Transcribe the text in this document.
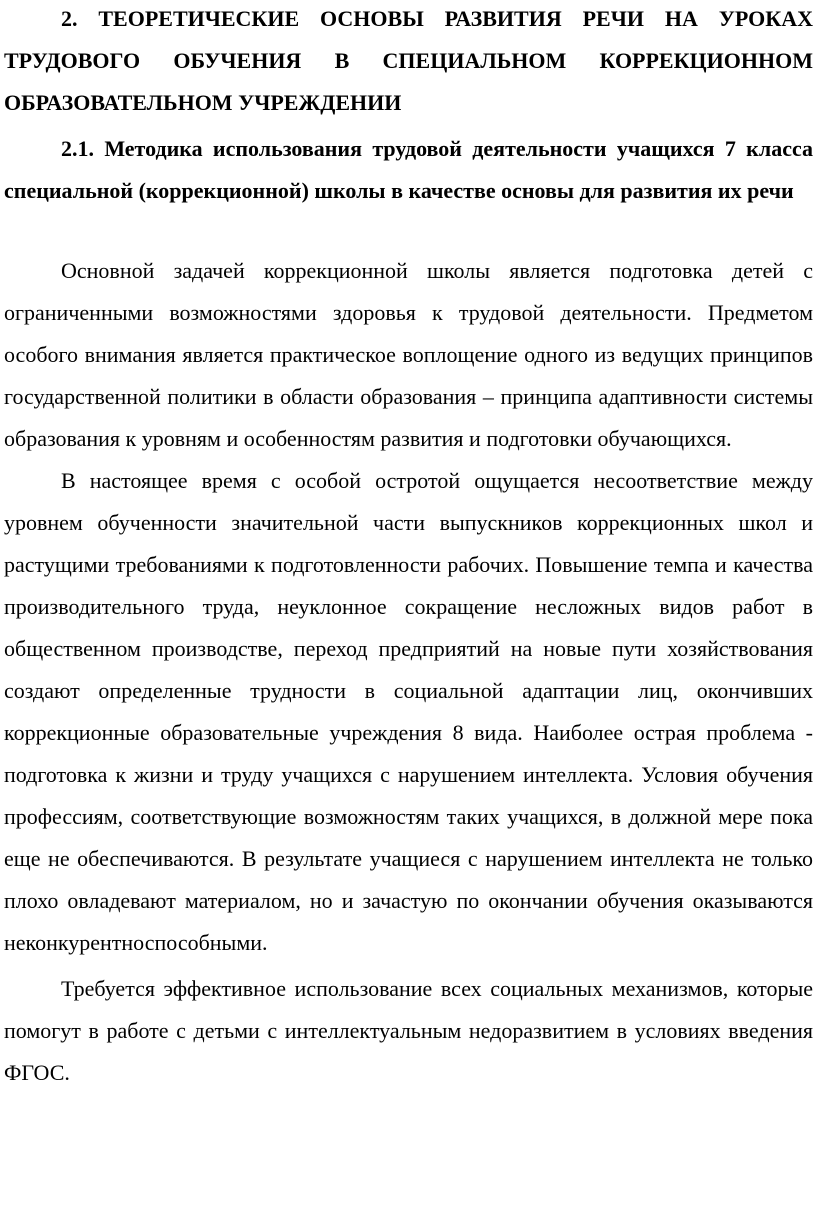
2. ТЕОРЕТИЧЕСКИЕ ОСНОВЫ РАЗВИТИЯ РЕЧИ НА УРОКАХ ТРУДОВОГО ОБУЧЕНИЯ В СПЕЦИАЛЬНОМ КОРРЕКЦИОННОМ ОБРАЗОВАТЕЛЬНОМ УЧРЕЖДЕНИИ

2.1. Методика использования трудовой деятельности учащихся 7 класса специальной (коррекционной) школы в качестве основы для развития их речи

Основной задачей коррекционной школы является подготовка детей с ограниченными возможностями здоровья к трудовой деятельности. Предметом особого внимания является практическое воплощение одного из ведущих принципов государственной политики в области образования – принципа адаптивности системы образования к уровням и особенностям развития и подготовки обучающихся.

В настоящее время с особой остротой ощущается несоответствие между уровнем обученности значительной части выпускников коррекционных школ и растущими требованиями к подготовленности рабочих. Повышение темпа и качества производительного труда, неуклонное сокращение несложных видов работ в общественном производстве, переход предприятий на новые пути хозяйствования создают определенные трудности в социальной адаптации лиц, окончивших коррекционные образовательные учреждения 8 вида. Наиболее острая проблема - подготовка к жизни и труду учащихся с нарушением интеллекта. Условия обучения профессиям, соответствующие возможностям таких учащихся, в должной мере пока еще не обеспечиваются. В результате учащиеся с нарушением интеллекта не только плохо овладевают материалом, но и зачастую по окончании обучения оказываются неконкурентноспособными.

Требуется эффективное использование всех социальных механизмов, которые помогут в работе с детьми с интеллектуальным недоразвитием в условиях введения ФГОС.
